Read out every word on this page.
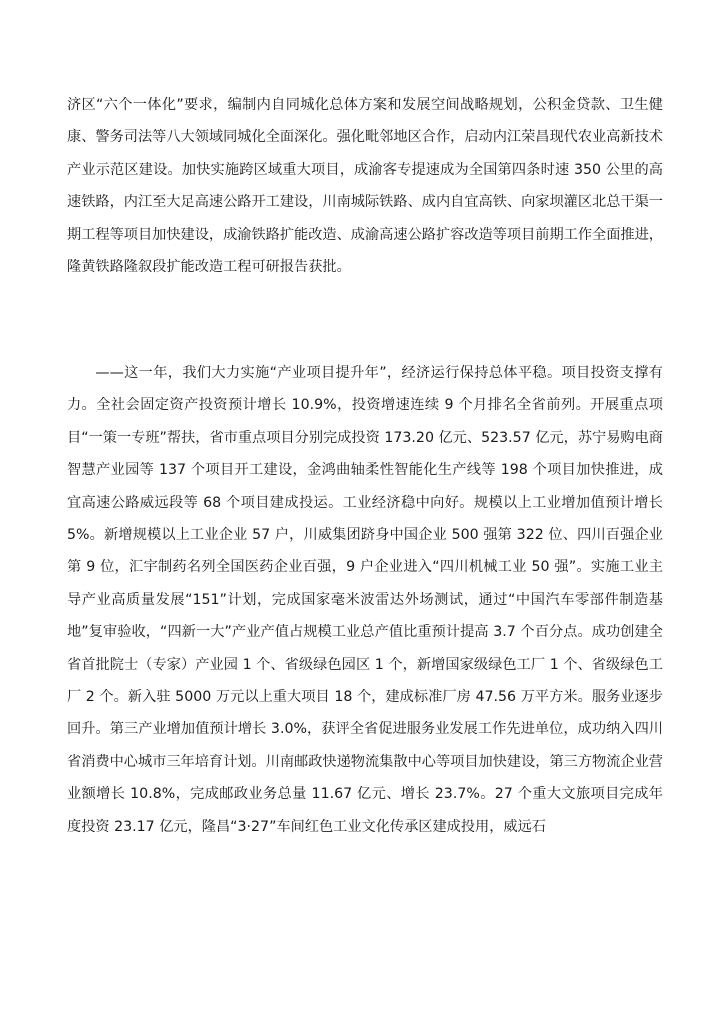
济区“六个一体化”要求，编制内自同城化总体方案和发展空间战略规划，公积金贷款、卫生健康、警务司法等八大领域同城化全面深化。强化毗邻地区合作，启动内江荣昌现代农业高新技术产业示范区建设。加快实施跨区域重大项目，成渝客专提速成为全国第四条时速 350 公里的高速铁路，内江至大足高速公路开工建设，川南城际铁路、成内自宜高铁、向家坝灌区北总干渠一期工程等项目加快建设，成渝铁路扩能改造、成渝高速公路扩容改造等项目前期工作全面推进，隆黄铁路隆叙段扩能改造工程可研报告获批。

——这一年，我们大力实施“产业项目提升年”，经济运行保持总体平稳。项目投资支撑有力。全社会固定资产投资预计增长 10.9%，投资增速连续 9 个月排名全省前列。开展重点项目“一策一专班”帮扶，省市重点项目分别完成投资 173.20 亿元、523.57 亿元，苏宁易购电商智慧产业园等 137 个项目开工建设，金鸿曲轴柔性智能化生产线等 198 个项目加快推进，成宜高速公路威远段等 68 个项目建成投运。工业经济稳中向好。规模以上工业增加值预计增长 5%。新增规模以上工业企业 57 户，川威集团跻身中国企业 500 强第 322 位、四川百强企业第 9 位，汇宇制药名列全国医药企业百强，9 户企业进入“四川机械工业 50 强”。实施工业主导产业高质量发展“151”计划，完成国家毫米波雷达外场测试，通过“中国汽车零部件制造基地”复审验收，“四新一大”产业产值占规模工业总产值比重预计提高 3.7 个百分点。成功创建全省首批院士（专家）产业园 1 个、省级绿色园区 1 个，新增国家级绿色工厂 1 个、省级绿色工厂 2 个。新入驻 5000 万元以上重大项目 18 个，建成标准厂房 47.56 万平方米。服务业逐步回升。第三产业增加值预计增长 3.0%，获评全省促进服务业发展工作先进单位，成功纳入四川省消费中心城市三年培育计划。川南邮政快递物流集散中心等项目加快建设，第三方物流企业营业额增长 10.8%，完成邮政业务总量 11.67 亿元、增长 23.7%。27 个重大文旅项目完成年度投资 23.17 亿元，隆昌“3·27”车间红色工业文化传承区建成投用，威远石
